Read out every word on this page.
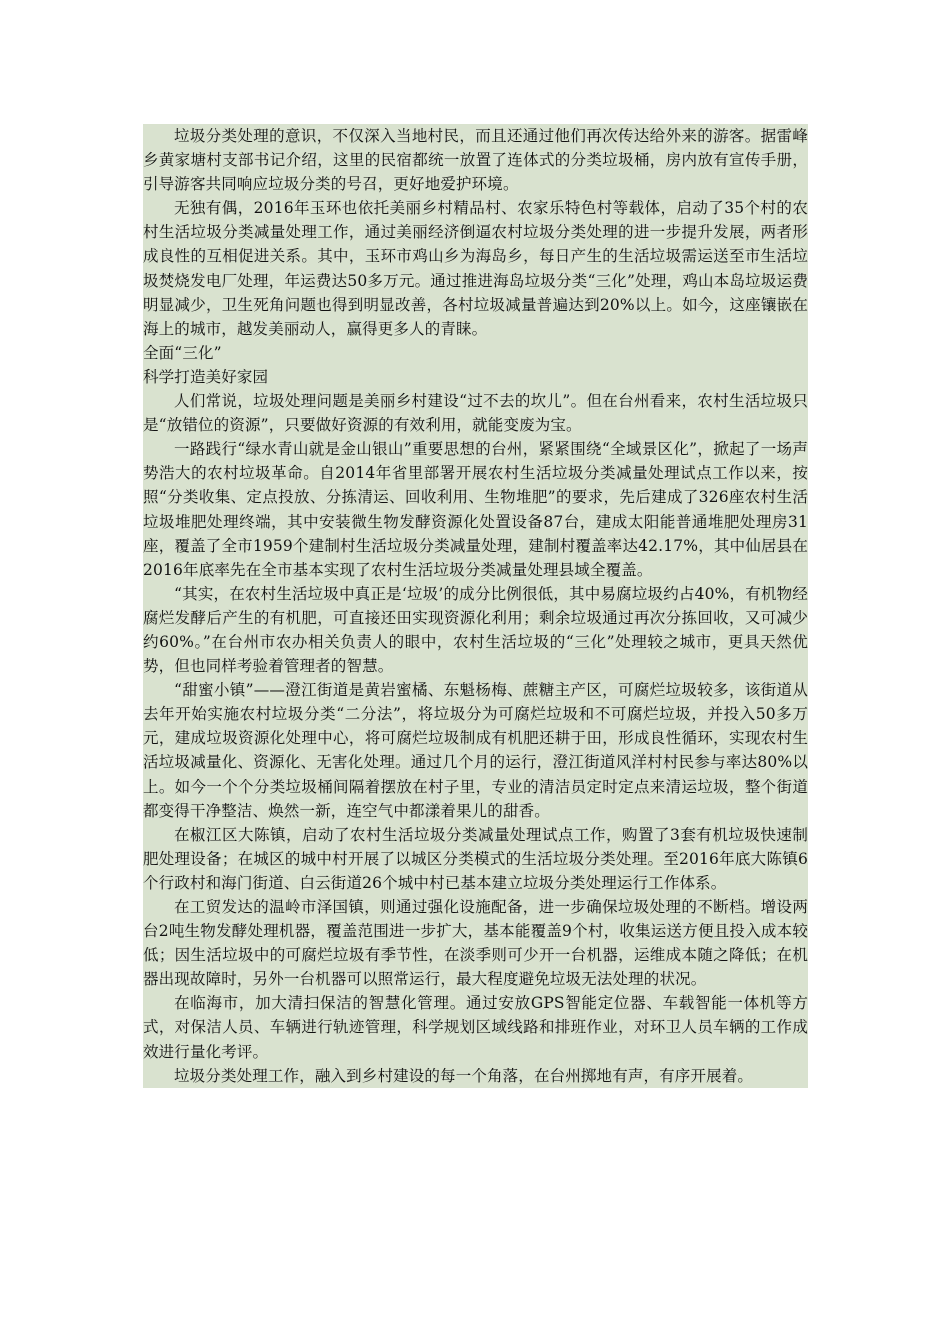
垃圾分类处理的意识，不仅深入当地村民，而且还通过他们再次传达给外来的游客。据雷峰乡黄家塘村支部书记介绍，这里的民宿都统一放置了连体式的分类垃圾桶，房内放有宣传手册，引导游客共同响应垃圾分类的号召，更好地爱护环境。

无独有偶，2016年玉环也依托美丽乡村精品村、农家乐特色村等载体，启动了35个村的农村生活垃圾分类减量处理工作，通过美丽经济倒逼农村垃圾分类处理的进一步提升发展，两者形成良性的互相促进关系。其中，玉环市鸡山乡为海岛乡，每日产生的生活垃圾需运送至市生活垃圾焚烧发电厂处理，年运费达50多万元。通过推进海岛垃圾分类“三化”处理，鸡山本岛垃圾运费明显减少，卫生死角问题也得到明显改善，各村垃圾减量普遍达到20%以上。如今，这座镶嵌在海上的城市，越发美丽动人，赢得更多人的青睐。

全面“三化”

科学打造美好家园

人们常说，垃圾处理问题是美丽乡村建设“过不去的坎儿”。但在台州看来，农村生活垃圾只是“放错位的资源”，只要做好资源的有效利用，就能变废为宝。

一路践行“绿水青山就是金山银山”重要思想的台州，紧紧围绕“全域景区化”，掀起了一场声势浩大的农村垃圾革命。自2014年省里部署开展农村生活垃圾分类减量处理试点工作以来，按照“分类收集、定点投放、分拣清运、回收利用、生物堆肥”的要求，先后建成了326座农村生活垃圾堆肥处理终端，其中安装微生物发酵资源化处置设备87台，建成太阳能普通堆肥处理房31座，覆盖了全市1959个建制村生活垃圾分类减量处理，建制村覆盖率达42.17%，其中仙居县在2016年底率先在全市基本实现了农村生活垃圾分类减量处理县域全覆盖。

“其实，在农村生活垃圾中真正是‘垃圾’的成分比例很低，其中易腐垃圾约占40%，有机物经腐烂发酵后产生的有机肥，可直接还田实现资源化利用；剩余垃圾通过再次分拣回收，又可减少约60%。”在台州市农办相关负责人的眼中，农村生活垃圾的“三化”处理较之城市，更具天然优势，但也同样考验着管理者的智慧。

“甜蜜小镇”——澄江街道是黄岩蜜橘、东魁杨梅、蔗糖主产区，可腐烂垃圾较多，该街道从去年开始实施农村垃圾分类“二分法”，将垃圾分为可腐烂垃圾和不可腐烂垃圾，并投入50多万元，建成垃圾资源化处理中心，将可腐烂垃圾制成有机肥还耕于田，形成良性循环，实现农村生活垃圾减量化、资源化、无害化处理。通过几个月的运行，澄江街道风洋村村民参与率达80%以上。如今一个个分类垃圾桶间隔着摆放在村子里，专业的清洁员定时定点来清运垃圾，整个街道都变得干净整洁、焕然一新，连空气中都漾着果儿的甜香。

在椒江区大陈镇，启动了农村生活垃圾分类减量处理试点工作，购置了3套有机垃圾快速制肥处理设备；在城区的城中村开展了以城区分类模式的生活垃圾分类处理。至2016年底大陈镇6个行政村和海门街道、白云街道26个城中村已基本建立垃圾分类处理运行工作体系。

在工贸发达的温岭市泽国镇，则通过强化设施配备，进一步确保垃圾处理的不断档。增设两台2吨生物发酵处理机器，覆盖范围进一步扩大，基本能覆盖9个村，收集运送方便且投入成本较低；因生活垃圾中的可腐烂垃圾有季节性，在淡季则可少开一台机器，运维成本随之降低；在机器出现故障时，另外一台机器可以照常运行，最大程度避免垃圾无法处理的状况。

在临海市，加大清扫保洁的智慧化管理。通过安放GPS智能定位器、车载智能一体机等方式，对保洁人员、车辆进行轨迹管理，科学规划区域线路和排班作业，对环卫人员车辆的工作成效进行量化考评。

垃圾分类处理工作，融入到乡村建设的每一个角落，在台州掷地有声，有序开展着。
